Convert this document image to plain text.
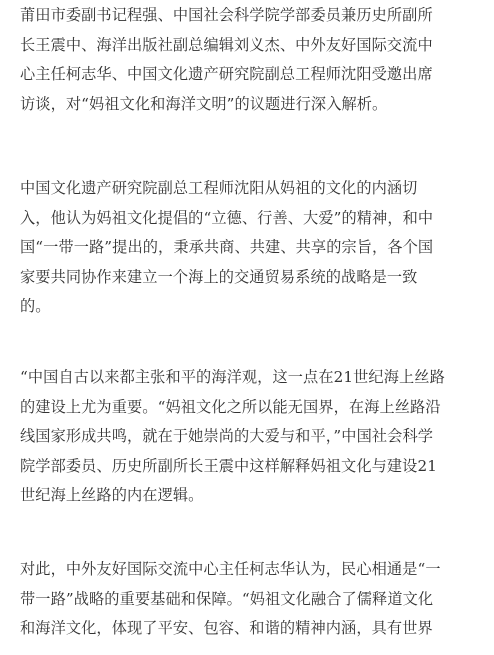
莆田市委副书记程强、中国社会科学院学部委员兼历史所副所
长王震中、海洋出版社副总编辑刘义杰、中外友好国际交流中
心主任柯志华、中国文化遗产研究院副总工程师沈阳受邀出席
访谈，对“妈祖文化和海洋文明”的议题进行深入解析。

中国文化遗产研究院副总工程师沈阳从妈祖的文化的内涵切
入，他认为妈祖文化提倡的“立德、行善、大爱”的精神，和中
国“一带一路”提出的，秉承共商、共建、共享的宗旨，各个国
家要共同协作来建立一个海上的交通贸易系统的战略是一致
的。

“中国自古以来都主张和平的海洋观，这一点在21世纪海上丝路
的建设上尤为重要。“妈祖文化之所以能无国界，在海上丝路沿
线国家形成共鸣，就在于她崇尚的大爱与和平，”中国社会科学
院学部委员、历史所副所长王震中这样解释妈祖文化与建设21
世纪海上丝路的内在逻辑。

对此，中外友好国际交流中心主任柯志华认为，民心相通是“一
带一路”战略的重要基础和保障。“妈祖文化融合了儒释道文化
和海洋文化，体现了平安、包容、和谐的精神内涵，具有世界
